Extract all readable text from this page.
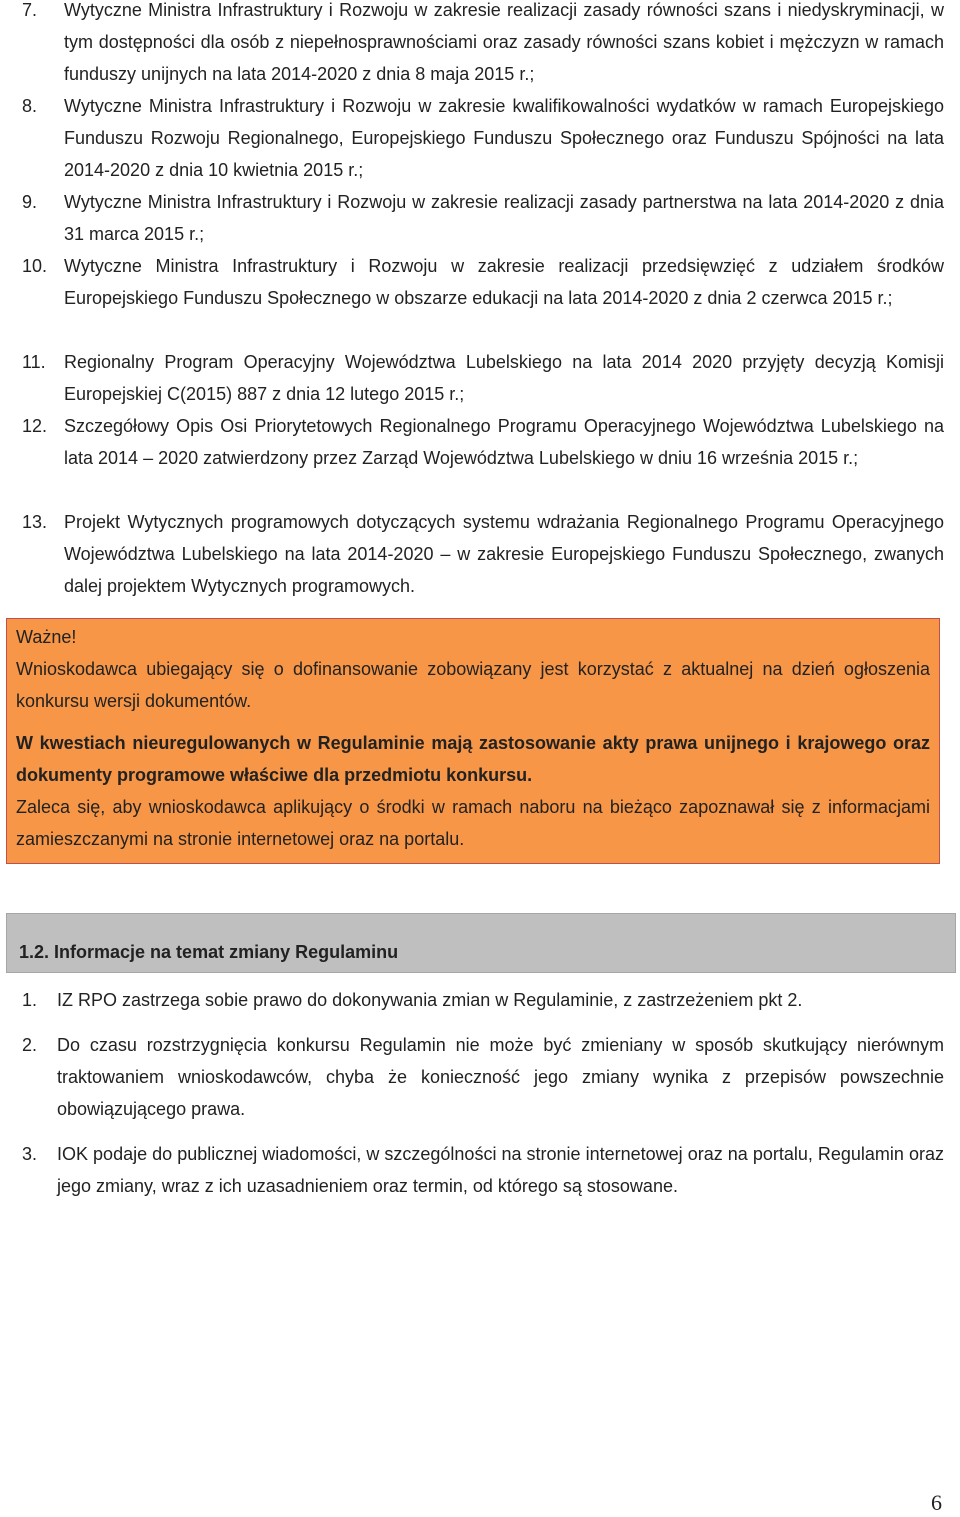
7. Wytyczne Ministra Infrastruktury i Rozwoju w zakresie realizacji zasady równości szans i niedyskryminacji, w tym dostępności dla osób z niepełnosprawnościami oraz zasady równości szans kobiet i mężczyzn w ramach funduszy unijnych na lata 2014-2020 z dnia 8 maja 2015 r.;
8. Wytyczne Ministra Infrastruktury i Rozwoju w zakresie kwalifikowalności wydatków w ramach Europejskiego Funduszu Rozwoju Regionalnego, Europejskiego Funduszu Społecznego oraz Funduszu Spójności na lata 2014-2020 z dnia 10 kwietnia 2015 r.;
9. Wytyczne Ministra Infrastruktury i Rozwoju w zakresie realizacji zasady partnerstwa na lata 2014-2020 z dnia 31 marca 2015 r.;
10. Wytyczne Ministra Infrastruktury i Rozwoju w zakresie realizacji przedsięwzięć z udziałem środków Europejskiego Funduszu Społecznego w obszarze edukacji na lata 2014-2020 z dnia 2 czerwca 2015 r.;
11. Regionalny Program Operacyjny Województwa Lubelskiego na lata 2014 2020 przyjęty decyzją Komisji Europejskiej C(2015) 887 z dnia 12 lutego 2015 r.;
12. Szczegółowy Opis Osi Priorytetowych Regionalnego Programu Operacyjnego Województwa Lubelskiego na lata 2014 – 2020 zatwierdzony przez Zarząd Województwa Lubelskiego w dniu 16 września 2015 r.;
13. Projekt Wytycznych programowych dotyczących systemu wdrażania Regionalnego Programu Operacyjnego Województwa Lubelskiego na lata 2014-2020 – w zakresie Europejskiego Funduszu Społecznego, zwanych dalej projektem Wytycznych programowych.
Ważne!
Wnioskodawca ubiegający się o dofinansowanie zobowiązany jest korzystać z aktualnej na dzień ogłoszenia konkursu wersji dokumentów.
W kwestiach nieuregulowanych w Regulaminie mają zastosowanie akty prawa unijnego i krajowego oraz dokumenty programowe właściwe dla przedmiotu konkursu.
Zaleca się, aby wnioskodawca aplikujący o środki w ramach naboru na bieżąco zapoznawał się z informacjami zamieszczanymi na stronie internetowej oraz na portalu.
1.2. Informacje na temat zmiany Regulaminu
1. IZ RPO zastrzega sobie prawo do dokonywania zmian w Regulaminie, z zastrzeżeniem pkt 2.
2. Do czasu rozstrzygnięcia konkursu Regulamin nie może być zmieniany w sposób skutkujący nierównym traktowaniem wnioskodawców, chyba że konieczność jego zmiany wynika z przepisów powszechnie obowiązującego prawa.
3. IOK podaje do publicznej wiadomości, w szczególności na stronie internetowej oraz na portalu, Regulamin oraz jego zmiany, wraz z ich uzasadnieniem oraz termin, od którego są stosowane.
6
